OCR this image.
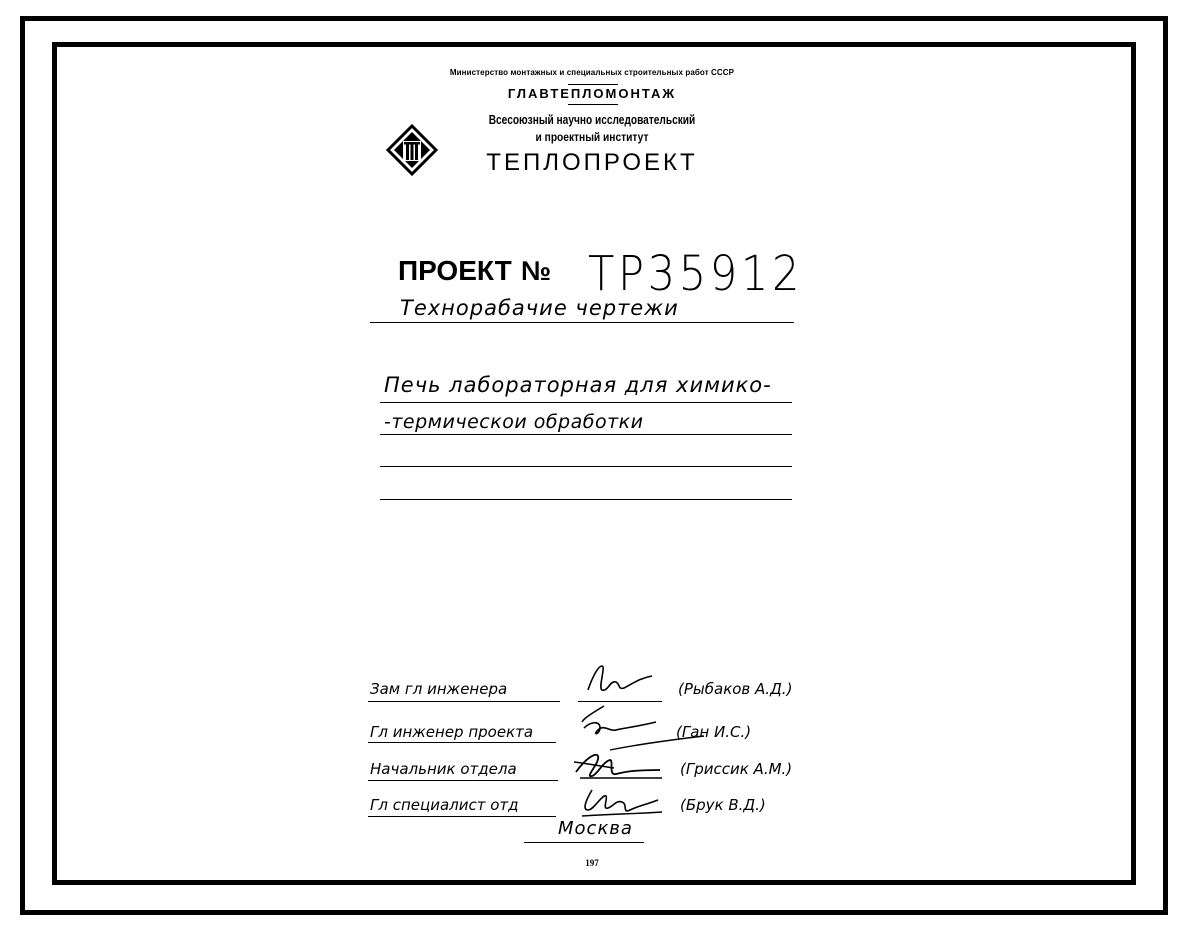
Министерство монтажных и специальных строительных работ СССР
ГЛАВТЕПЛОМОНТАЖ
Всесоюзный научно исследовательский
и проектный институт
ТЕПЛОПРОЕКТ
ПРОЕКТ № ТР35912
Технорабачие чертежи
Печь лабораторная для химико-
-термическои обработки
Зам гл инженера	(Рыбаков А.Д.)
Гл инженер проекта	(Ган И.С.)
Начальник отдела	(Гриссик А.М.)
Гл специалист отд	(Брук В.Д.)
Москва
197
